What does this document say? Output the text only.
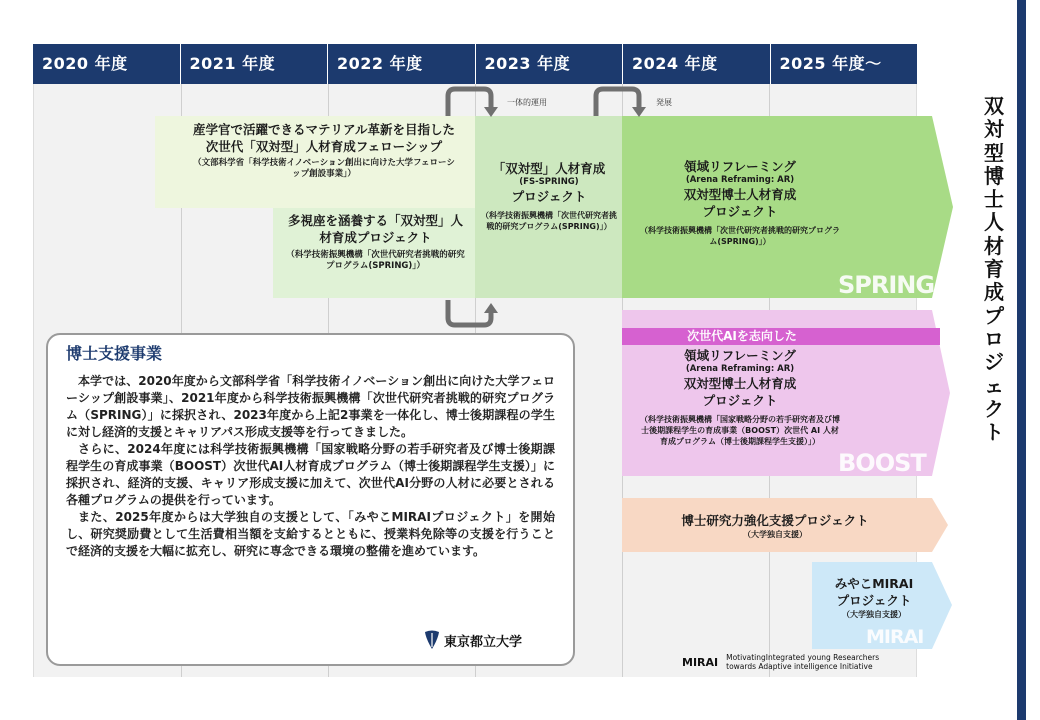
2020 年度	2021 年度	2022 年度	2023 年度	2024 年度	2025 年度〜
一体的運用	発展
SPRING
BOOST
MIRAI
産学官で活躍できるマテリアル革新を目指した次世代「双対型」人材育成フェローシップ
（文部科学省「科学技術イノベーション創出に向けた大学フェローシップ創設事業」）
多視座を涵養する「双対型」人材育成プロジェクト
（科学技術振興機構「次世代研究者挑戦的研究プログラム(SPRING)」）
「双対型」人材育成
(FS-SPRING)
プロジェクト
（科学技術振興機構「次世代研究者挑戦的研究プログラム(SPRING)」）
領域リフレーミング
(Arena Reframing: AR)
双対型博士人材育成
プロジェクト
（科学技術振興機構「次世代研究者挑戦的研究プログラム(SPRING)」）
次世代AIを志向した
領域リフレーミング
(Arena Reframing: AR)
双対型博士人材育成
プロジェクト
（科学技術振興機構「国家戦略分野の若手研究者及び博士後期課程学生の育成事業（BOOST）次世代 AI 人材育成プログラム（博士後期課程学生支援）」）
博士研究力強化支援プロジェクト
（大学独自支援）
みやこMIRAI
プロジェクト
（大学独自支援）
MIRAI MotivatingIntegrated young Researchers
towards Adaptive intelligence Initiative
博士支援事業

本学では、2020年度から文部科学省「科学技術イノベーション創出に向けた大学フェローシップ創設事業」、2021年度から科学技術振興機構「次世代研究者挑戦的研究プログラム（SPRING）」に採択され、2023年度から上記2事業を一体化し、博士後期課程の学生に対し経済的支援とキャリアパス形成支援等を行ってきました。

さらに、2024年度には科学技術振興機構「国家戦略分野の若手研究者及び博士後期課程学生の育成事業（BOOST）次世代AI人材育成プログラム（博士後期課程学生支援）」に採択され、経済的支援、キャリア形成支援に加えて、次世代AI分野の人材に必要とされる各種プログラムの提供を行っています。

また、2025年度からは大学独自の支援として、「みやこMIRAIプロジェクト」を開始し、研究奨励費として生活費相当額を支給するとともに、授業料免除等の支援を行うことで経済的支援を大幅に拡充し、研究に専念できる環境の整備を進めています。

東京都立大学
双
対
型
博
士
人
材
育
成
プ
ロ
ジ
ェ
ク
ト
